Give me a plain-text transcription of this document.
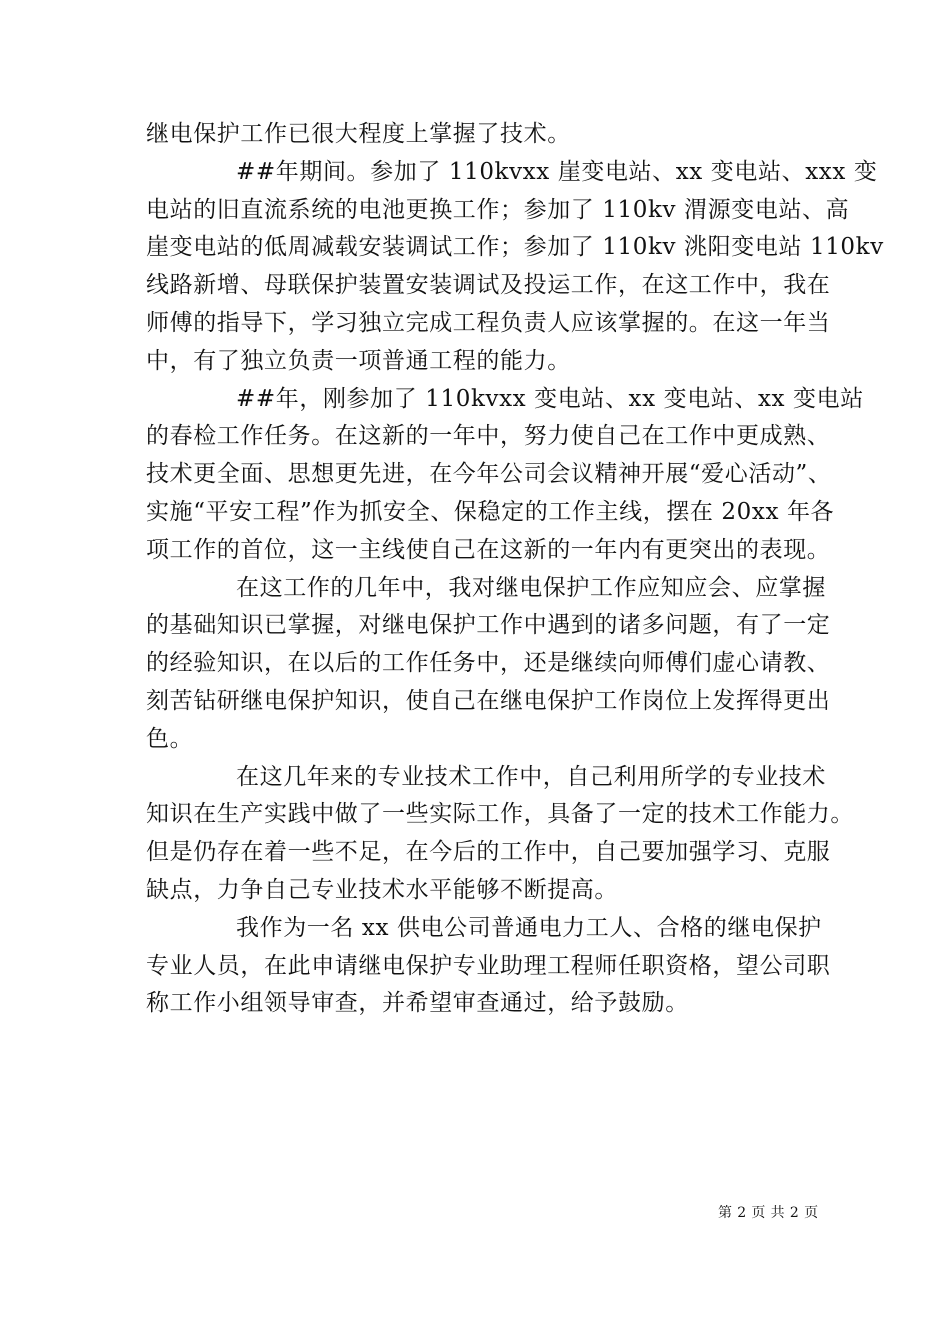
继电保护工作已很大程度上掌握了技术。

##年期间。参加了 110kvxx 崖变电站、xx 变电站、xxx 变
电站的旧直流系统的电池更换工作；参加了 110kv 渭源变电站、高
崖变电站的低周减载安装调试工作；参加了 110kv 洮阳变电站 110kv
线路新增、母联保护装置安装调试及投运工作，在这工作中，我在
师傅的指导下，学习独立完成工程负责人应该掌握的。在这一年当
中，有了独立负责一项普通工程的能力。

##年，刚参加了 110kvxx 变电站、xx 变电站、xx 变电站
的春检工作任务。在这新的一年中，努力使自己在工作中更成熟、
技术更全面、思想更先进，在今年公司会议精神开展“爱心活动”、
实施“平安工程”作为抓安全、保稳定的工作主线，摆在 20xx 年各
项工作的首位，这一主线使自己在这新的一年内有更突出的表现。

在这工作的几年中，我对继电保护工作应知应会、应掌握
的基础知识已掌握，对继电保护工作中遇到的诸多问题，有了一定
的经验知识，在以后的工作任务中，还是继续向师傅们虚心请教、
刻苦钻研继电保护知识，使自己在继电保护工作岗位上发挥得更出
色。

在这几年来的专业技术工作中，自己利用所学的专业技术
知识在生产实践中做了一些实际工作，具备了一定的技术工作能力。
但是仍存在着一些不足，在今后的工作中，自己要加强学习、克服
缺点，力争自己专业技术水平能够不断提高。

我作为一名 xx 供电公司普通电力工人、合格的继电保护
专业人员，在此申请继电保护专业助理工程师任职资格，望公司职
称工作小组领导审查，并希望审查通过，给予鼓励。

第 2 页 共 2 页
